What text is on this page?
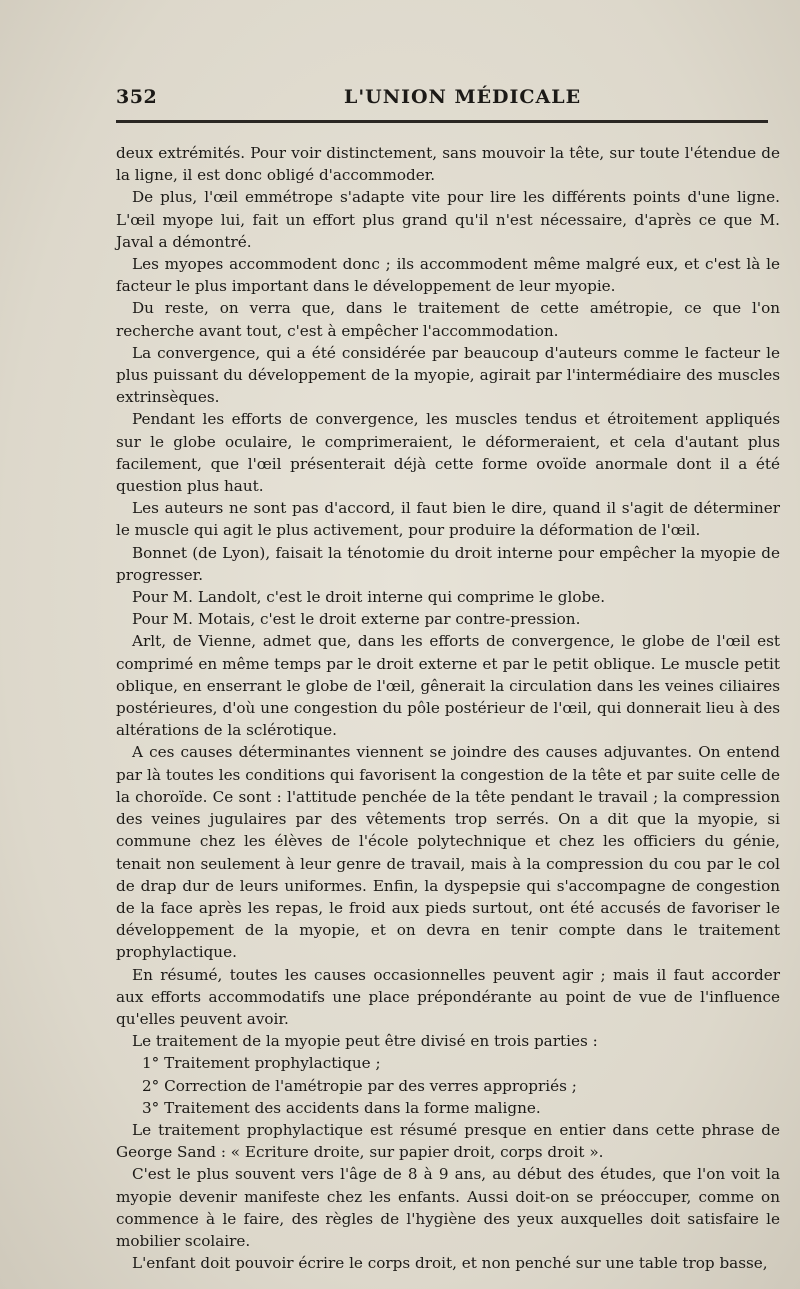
352	L'UNION MÉDICALE

deux extrémités. Pour voir distinctement, sans mouvoir la tête, sur toute l'étendue de la ligne, il est donc obligé d'accommoder.

De plus, l'œil emmétrope s'adapte vite pour lire les différents points d'une ligne. L'œil myope lui, fait un effort plus grand qu'il n'est nécessaire, d'après ce que M. Javal a démontré.

Les myopes accommodent donc ; ils accommodent même malgré eux, et c'est là le facteur le plus important dans le développement de leur myopie.

Du reste, on verra que, dans le traitement de cette amétropie, ce que l'on recherche avant tout, c'est à empêcher l'accommodation.

La convergence, qui a été considérée par beaucoup d'auteurs comme le facteur le plus puissant du développement de la myopie, agirait par l'intermédiaire des muscles extrinsèques.

Pendant les efforts de convergence, les muscles tendus et étroitement appliqués sur le globe oculaire, le comprimeraient, le déformeraient, et cela d'autant plus facilement, que l'œil présenterait déjà cette forme ovoïde anormale dont il a été question plus haut.

Les auteurs ne sont pas d'accord, il faut bien le dire, quand il s'agit de déterminer le muscle qui agit le plus activement, pour produire la déformation de l'œil.

Bonnet (de Lyon), faisait la ténotomie du droit interne pour empêcher la myopie de progresser.

Pour M. Landolt, c'est le droit interne qui comprime le globe.

Pour M. Motais, c'est le droit externe par contre-pression.

Arlt, de Vienne, admet que, dans les efforts de convergence, le globe de l'œil est comprimé en même temps par le droit externe et par le petit oblique. Le muscle petit oblique, en enserrant le globe de l'œil, gênerait la circulation dans les veines ciliaires postérieures, d'où une congestion du pôle postérieur de l'œil, qui donnerait lieu à des altérations de la sclérotique.

A ces causes déterminantes viennent se joindre des causes adjuvantes. On entend par là toutes les conditions qui favorisent la congestion de la tête et par suite celle de la choroïde. Ce sont : l'attitude penchée de la tête pendant le travail ; la compression des veines jugulaires par des vêtements trop serrés. On a dit que la myopie, si commune chez les élèves de l'école polytechnique et chez les officiers du génie, tenait non seulement à leur genre de travail, mais à la compression du cou par le col de drap dur de leurs uniformes. Enfin, la dyspepsie qui s'accompagne de congestion de la face après les repas, le froid aux pieds surtout, ont été accusés de favoriser le développement de la myopie, et on devra en tenir compte dans le traitement prophylactique.

En résumé, toutes les causes occasionnelles peuvent agir ; mais il faut accorder aux efforts accommodatifs une place prépondérante au point de vue de l'influence qu'elles peuvent avoir.

Le traitement de la myopie peut être divisé en trois parties :

1° Traitement prophylactique ;

2° Correction de l'amétropie par des verres appropriés ;

3° Traitement des accidents dans la forme maligne.

Le traitement prophylactique est résumé presque en entier dans cette phrase de George Sand : « Ecriture droite, sur papier droit, corps droit ».

C'est le plus souvent vers l'âge de 8 à 9 ans, au début des études, que l'on voit la myopie devenir manifeste chez les enfants. Aussi doit-on se préoccuper, comme on commence à le faire, des règles de l'hygiène des yeux auxquelles doit satisfaire le mobilier scolaire.

L'enfant doit pouvoir écrire le corps droit, et non penché sur une table trop basse,
